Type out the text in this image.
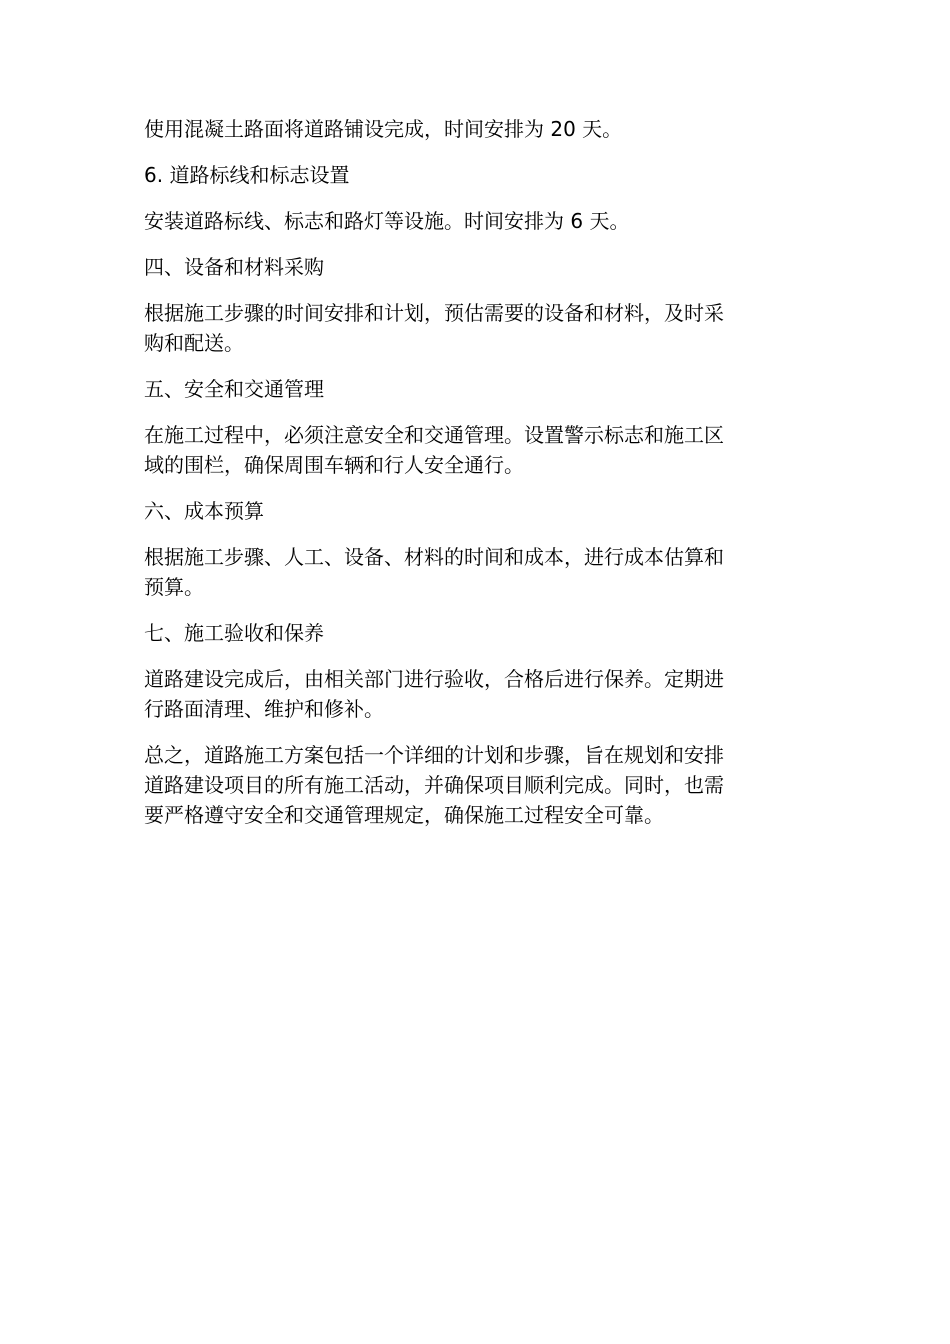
使用混凝土路面将道路铺设完成，时间安排为 20 天。

6. 道路标线和标志设置

安装道路标线、标志和路灯等设施。时间安排为 6 天。

四、设备和材料采购

根据施工步骤的时间安排和计划，预估需要的设备和材料，及时采
购和配送。

五、安全和交通管理

在施工过程中，必须注意安全和交通管理。设置警示标志和施工区
域的围栏，确保周围车辆和行人安全通行。

六、成本预算

根据施工步骤、人工、设备、材料的时间和成本，进行成本估算和
预算。

七、施工验收和保养

道路建设完成后，由相关部门进行验收，合格后进行保养。定期进
行路面清理、维护和修补。

总之，道路施工方案包括一个详细的计划和步骤，旨在规划和安排
道路建设项目的所有施工活动，并确保项目顺利完成。同时，也需
要严格遵守安全和交通管理规定，确保施工过程安全可靠。
